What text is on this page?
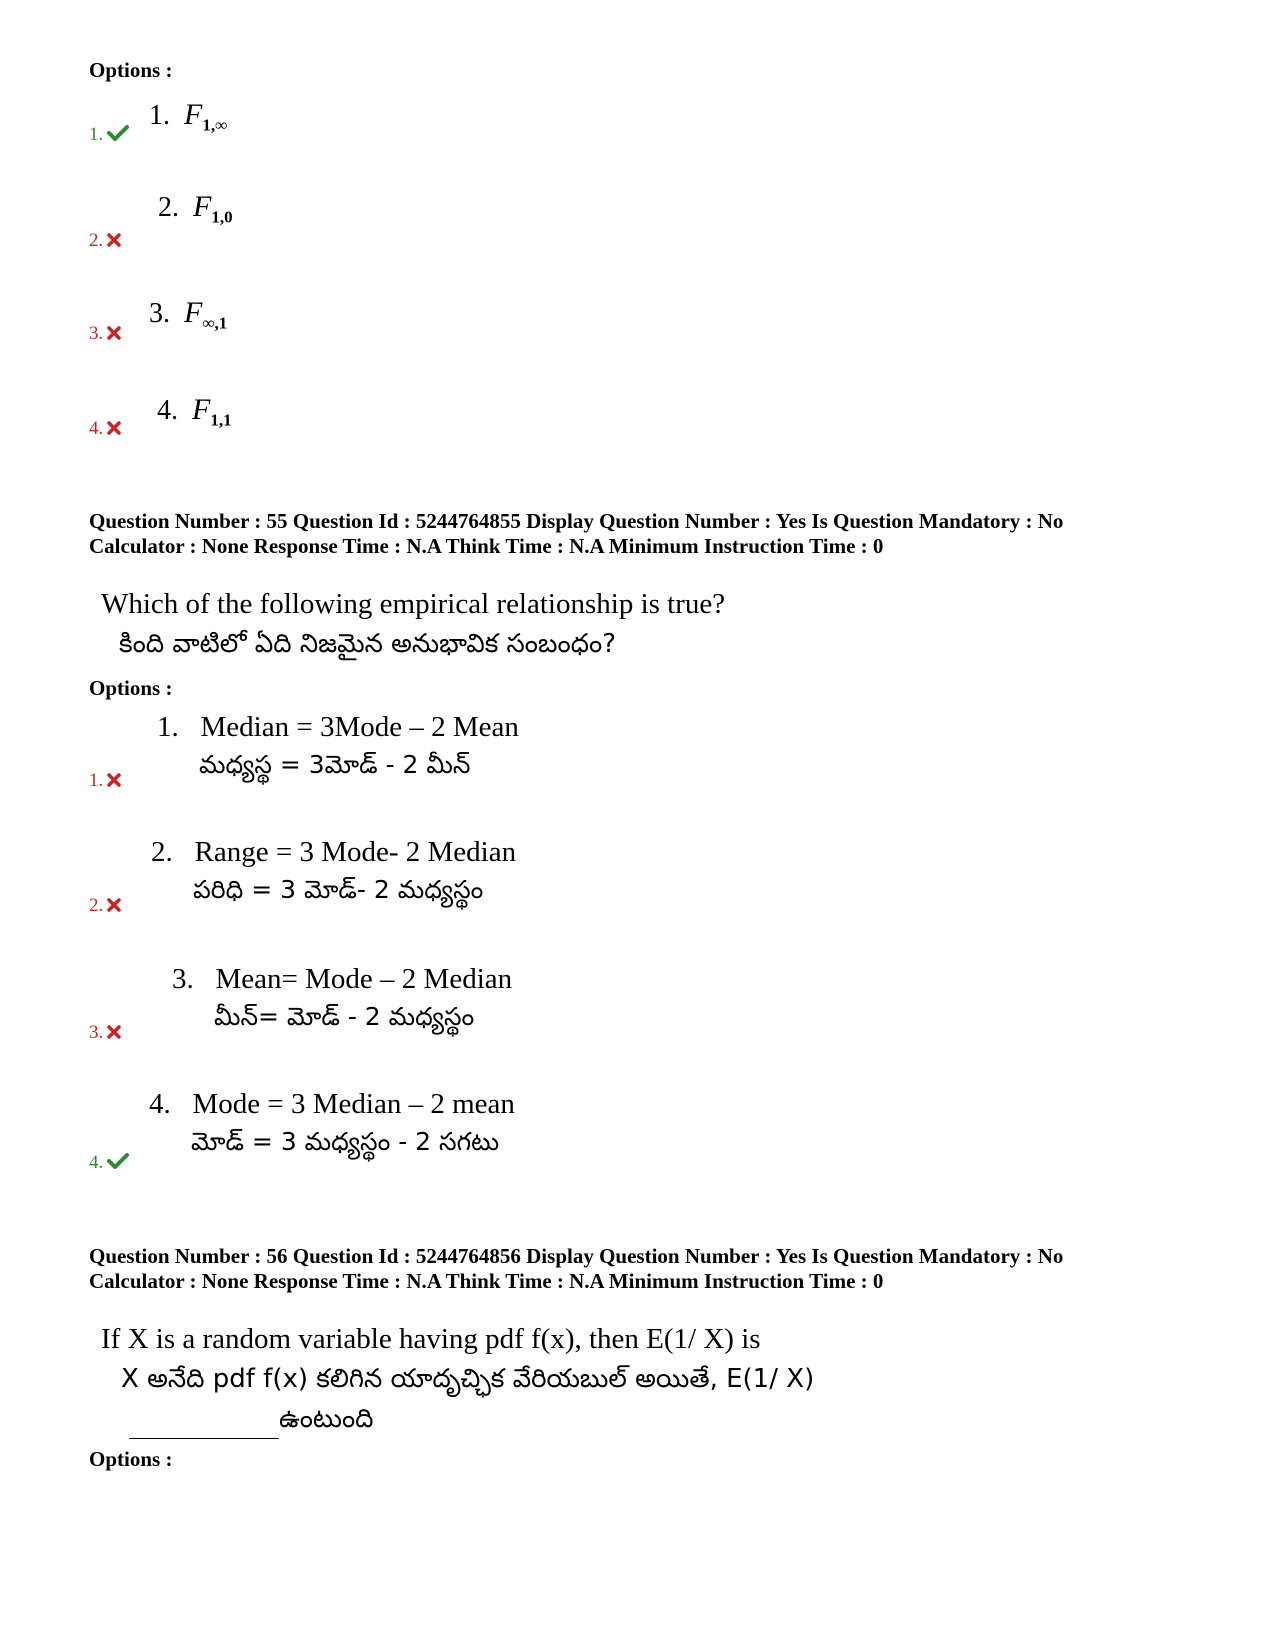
Options :
1.
1. $F_{1,\infty}$
2.
2. $F_{1,0}$
3.
3. $F_{\infty,1}$
4.
4. $F_{1,1}$
Question Number : 55 Question Id : 5244764855 Display Question Number : Yes Is Question Mandatory : No
Calculator : None Response Time : N.A Think Time : N.A Minimum Instruction Time : 0
Which of the following empirical relationship is true?
కింది వాటిలో ఏది నిజమైన అనుభావిక సంబంధం?
Options :
1.
1. Median = 3Mode – 2 Mean
మధ్యస్థ = 3మోడ్ - 2 మీన్
2.
2. Range = 3 Mode- 2 Median
పరిధి = 3 మోడ్- 2 మధ్యస్థం
3.
3. Mean= Mode – 2 Median
మీన్= మోడ్ - 2 మధ్యస్థం
4.
4. Mode = 3 Median – 2 mean
మోడ్ = 3 మధ్యస్థం - 2 సగటు
Question Number : 56 Question Id : 5244764856 Display Question Number : Yes Is Question Mandatory : No
Calculator : None Response Time : N.A Think Time : N.A Minimum Instruction Time : 0
If X is a random variable having pdf f(x), then E(1/ X) is
X అనేది pdf f(x) కలిగిన యాదృచ్ఛిక వేరియబుల్ అయితే, E(1/ X)
ఉంటుంది
Options :
